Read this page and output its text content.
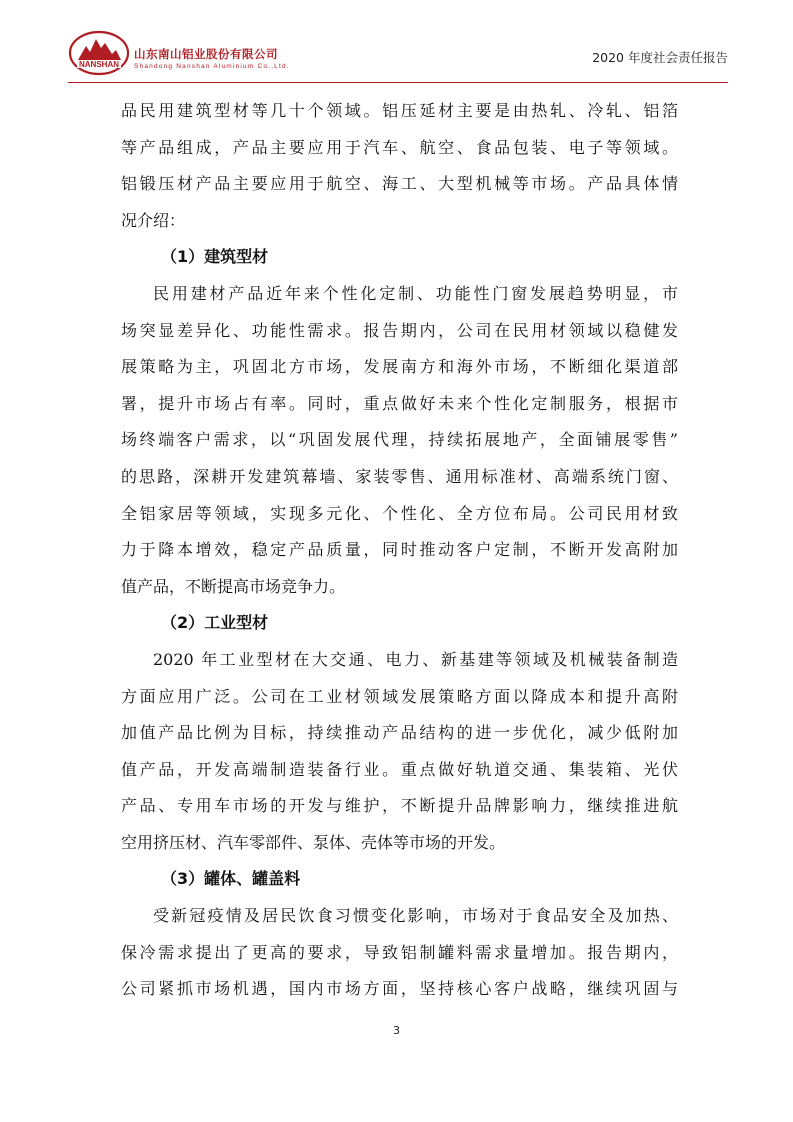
NANSHAN
山东南山铝业股份有限公司
Shandong Nanshan Aluminium Co.,Ltd.
2020 年度社会责任报告
品民用建筑型材等几十个领域。铝压延材主要是由热轧、冷轧、铝箔
等产品组成，产品主要应用于汽车、航空、食品包装、电子等领域。
铝锻压材产品主要应用于航空、海工、大型机械等市场。产品具体情
况介绍：
（1）建筑型材
民用建材产品近年来个性化定制、功能性门窗发展趋势明显，市
场突显差异化、功能性需求。报告期内，公司在民用材领域以稳健发
展策略为主，巩固北方市场，发展南方和海外市场，不断细化渠道部
署，提升市场占有率。同时，重点做好未来个性化定制服务，根据市
场终端客户需求，以“巩固发展代理，持续拓展地产，全面铺展零售”
的思路，深耕开发建筑幕墙、家装零售、通用标准材、高端系统门窗、
全铝家居等领域，实现多元化、个性化、全方位布局。公司民用材致
力于降本增效，稳定产品质量，同时推动客户定制，不断开发高附加
值产品，不断提高市场竞争力。
（2）工业型材
2020 年工业型材在大交通、电力、新基建等领域及机械装备制造
方面应用广泛。公司在工业材领域发展策略方面以降成本和提升高附
加值产品比例为目标，持续推动产品结构的进一步优化，减少低附加
值产品，开发高端制造装备行业。重点做好轨道交通、集装箱、光伏
产品、专用车市场的开发与维护，不断提升品牌影响力，继续推进航
空用挤压材、汽车零部件、泵体、壳体等市场的开发。
（3）罐体、罐盖料
受新冠疫情及居民饮食习惯变化影响，市场对于食品安全及加热、
保冷需求提出了更高的要求，导致铝制罐料需求量增加。报告期内，
公司紧抓市场机遇，国内市场方面，坚持核心客户战略，继续巩固与
3
